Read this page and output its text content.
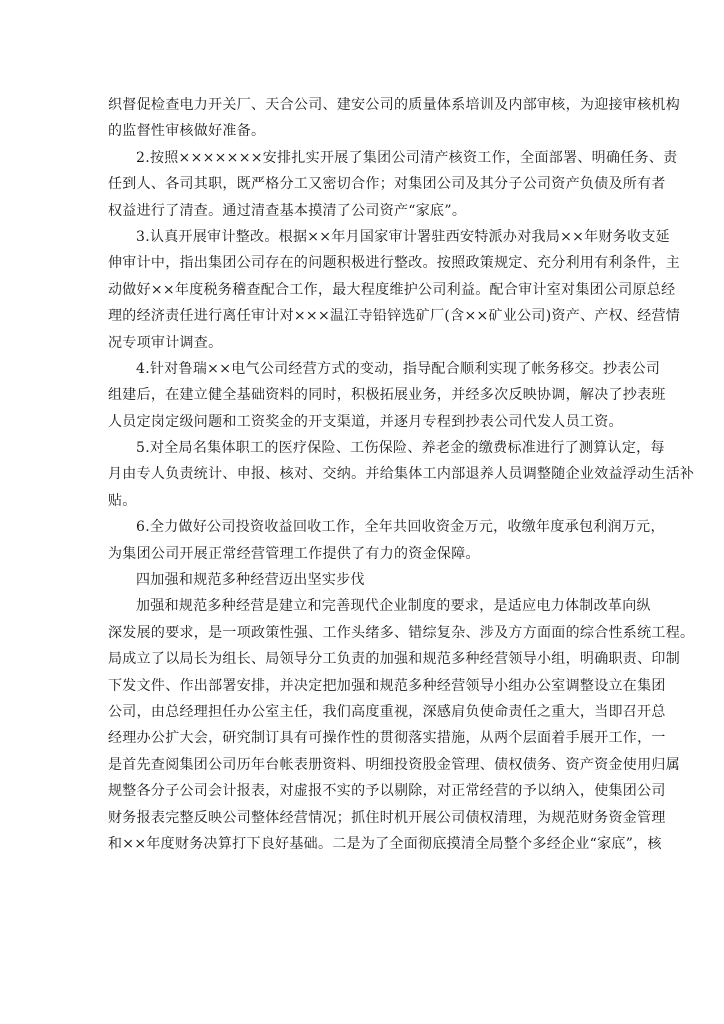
织督促检查电力开关厂、天合公司、建安公司的质量体系培训及内部审核，为迎接审核机构
的监督性审核做好准备。
2.按照×××××××安排扎实开展了集团公司清产核资工作，全面部署、明确任务、责
任到人、各司其职，既严格分工又密切合作；对集团公司及其分子公司资产负债及所有者
权益进行了清查。通过清查基本摸清了公司资产“家底”。
3.认真开展审计整改。根据××年月国家审计署驻西安特派办对我局××年财务收支延
伸审计中，指出集团公司存在的问题积极进行整改。按照政策规定、充分利用有利条件，主
动做好××年度税务稽查配合工作，最大程度维护公司利益。配合审计室对集团公司原总经
理的经济责任进行离任审计对×××温江寺铅锌选矿厂(含××矿业公司)资产、产权、经营情
况专项审计调查。
4.针对鲁瑞××电气公司经营方式的变动，指导配合顺利实现了帐务移交。抄表公司
组建后，在建立健全基础资料的同时，积极拓展业务，并经多次反映协调，解决了抄表班
人员定岗定级问题和工资奖金的开支渠道，并逐月专程到抄表公司代发人员工资。
5.对全局名集体职工的医疗保险、工伤保险、养老金的缴费标准进行了测算认定，每
月由专人负责统计、申报、核对、交纳。并给集体工内部退养人员调整随企业效益浮动生活补
贴。
6.全力做好公司投资收益回收工作，全年共回收资金万元，收缴年度承包利润万元，
为集团公司开展正常经营管理工作提供了有力的资金保障。
四加强和规范多种经营迈出坚实步伐
加强和规范多种经营是建立和完善现代企业制度的要求，是适应电力体制改革向纵
深发展的要求，是一项政策性强、工作头绪多、错综复杂、涉及方方面面的综合性系统工程。
局成立了以局长为组长、局领导分工负责的加强和规范多种经营领导小组，明确职责、印制
下发文件、作出部署安排，并决定把加强和规范多种经营领导小组办公室调整设立在集团
公司，由总经理担任办公室主任，我们高度重视，深感肩负使命责任之重大，当即召开总
经理办公扩大会，研究制订具有可操作性的贯彻落实措施，从两个层面着手展开工作，一
是首先查阅集团公司历年台帐表册资料、明细投资股金管理、债权债务、资产资金使用归属
规整各分子公司会计报表，对虚报不实的予以剔除，对正常经营的予以纳入，使集团公司
财务报表完整反映公司整体经营情况；抓住时机开展公司债权清理，为规范财务资金管理
和××年度财务决算打下良好基础。二是为了全面彻底摸清全局整个多经企业“家底”，核
